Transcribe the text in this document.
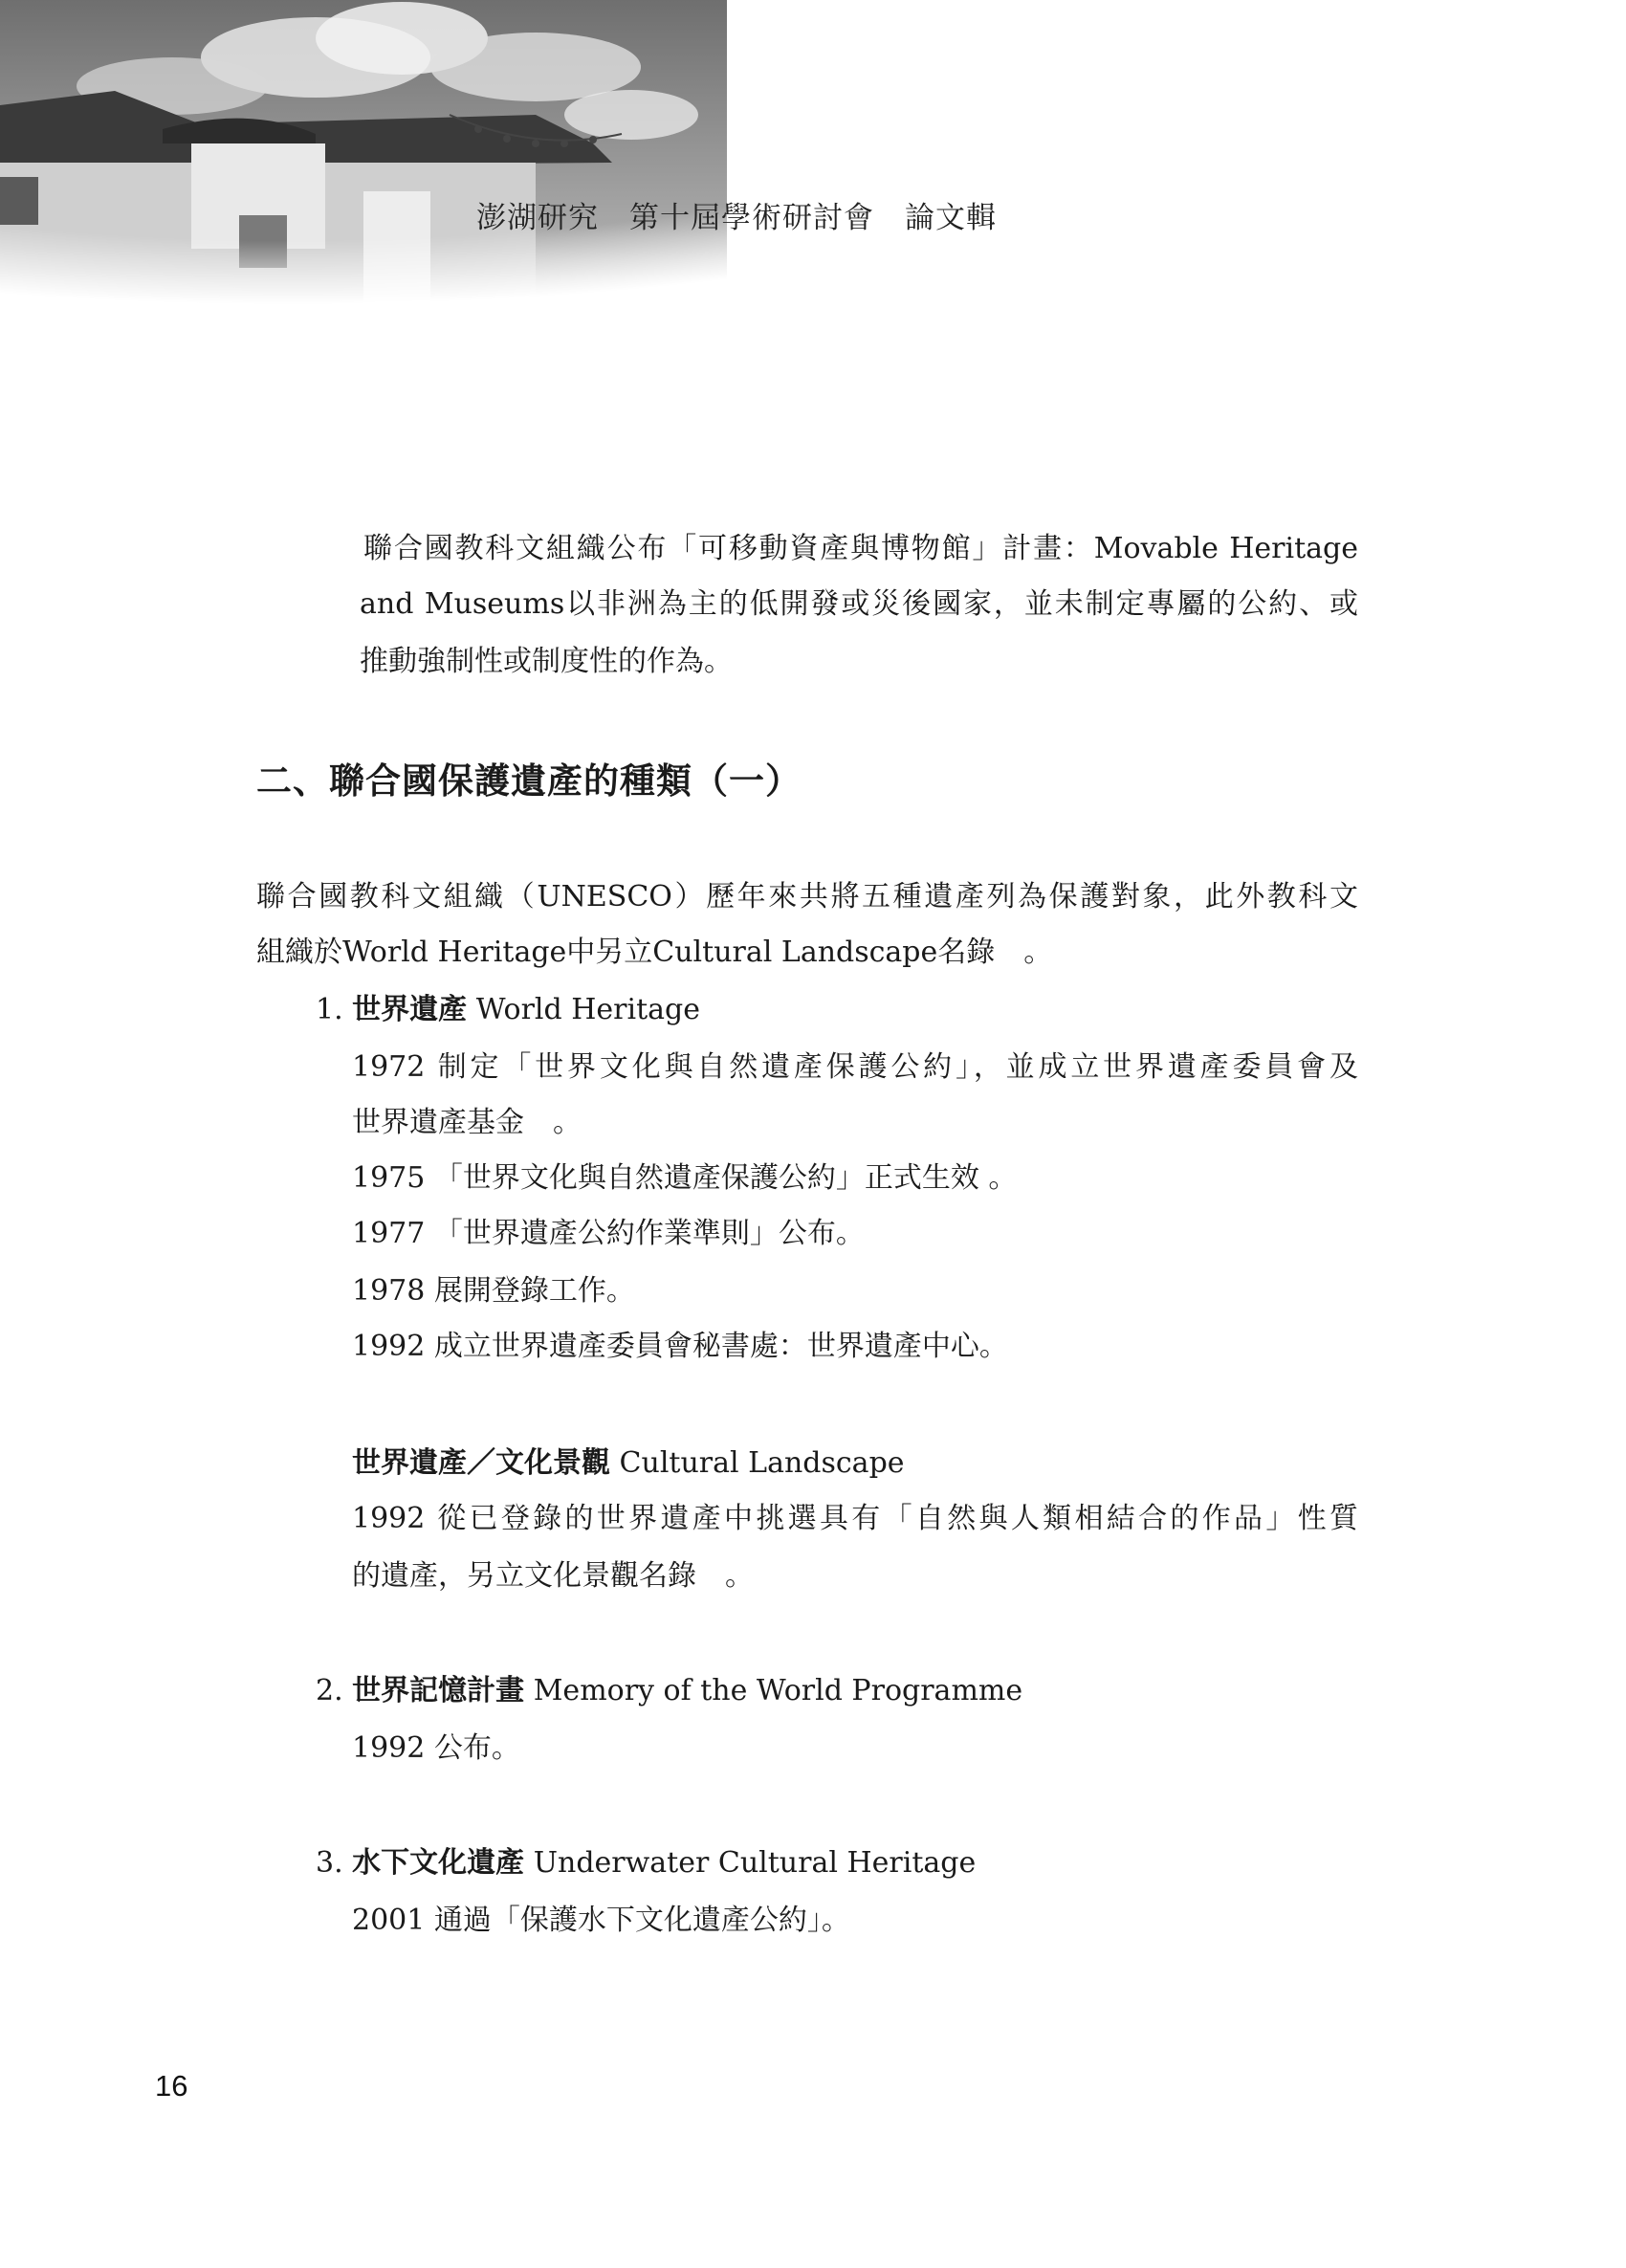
澎湖研究　第十屆學術研討會　論文輯
聯合國教科文組織公布「可移動資產與博物館」計畫：Movable Heritage
and Museums以非洲為主的低開發或災後國家，並未制定專屬的公約、或
推動強制性或制度性的作為。
二、聯合國保護遺產的種類（一）
聯合國教科文組織（UNESCO）歷年來共將五種遺產列為保護對象，此外教科文
組織於World Heritage中另立Cultural Landscape名錄　。
1. 世界遺產 World Heritage
1972 制定「世界文化與自然遺產保護公約」，並成立世界遺產委員會及
世界遺產基金　。
1975 「世界文化與自然遺產保護公約」正式生效 。
1977 「世界遺產公約作業準則」公布。
1978 展開登錄工作。
1992 成立世界遺產委員會秘書處：世界遺產中心。
世界遺產／文化景觀 Cultural Landscape
1992 從已登錄的世界遺產中挑選具有「自然與人類相結合的作品」性質
的遺產，另立文化景觀名錄　。
2. 世界記憶計畫 Memory of the World Programme
1992 公布。
3. 水下文化遺產 Underwater Cultural Heritage
2001 通過「保護水下文化遺產公約」。
16
